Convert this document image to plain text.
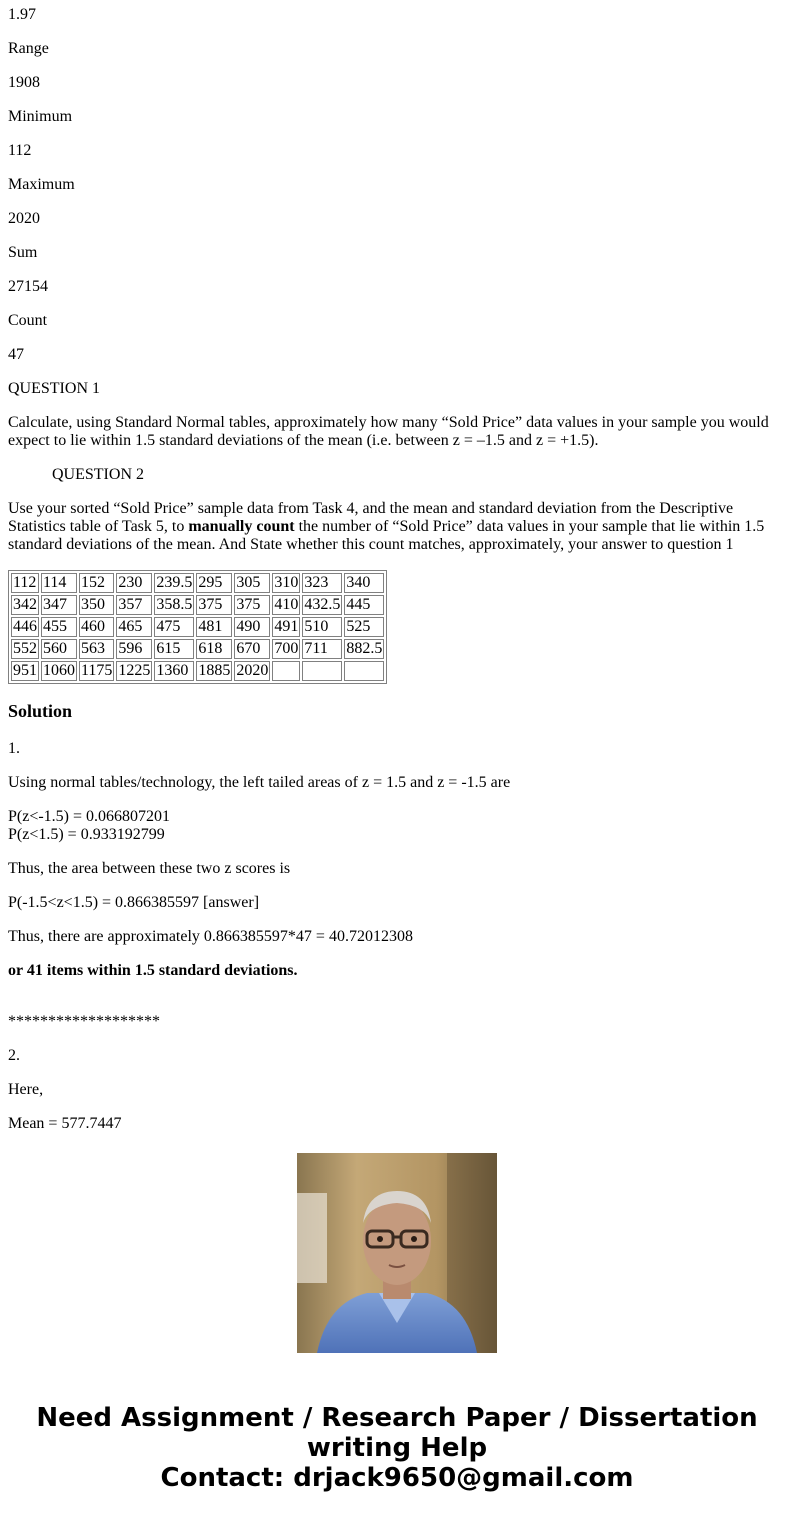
1.97

Range

1908

Minimum

112

Maximum

2020

Sum

27154

Count

47

QUESTION 1

Calculate, using Standard Normal tables, approximately how many “Sold Price” data values in your sample you would expect to lie within 1.5 standard deviations of the mean (i.e. between z = –1.5 and z = +1.5).

QUESTION 2

Use your sorted “Sold Price” sample data from Task 4, and the mean and standard deviation from the Descriptive Statistics table of Task 5, to manually count the number of “Sold Price” data values in your sample that lie within 1.5 standard deviations of the mean. And State whether this count matches, approximately, your answer to question 1

112	114	152	230	239.5	295	305	310	323	340
342	347	350	357	358.5	375	375	410	432.5	445
446	455	460	465	475	481	490	491	510	525
552	560	563	596	615	618	670	700	711	882.5
951	1060	1175	1225	1360	1885	2020			
Solution

1.

Using normal tables/technology, the left tailed areas of z = 1.5 and z = -1.5 are

P(z<-1.5) = 0.066807201

P(z<1.5) = 0.933192799

Thus, the area between these two z scores is

P(-1.5<z<1.5) = 0.866385597 [answer]

Thus, there are approximately 0.866385597*47 = 40.72012308

or 41 items within 1.5 standard deviations.

*******************

2.

Here,

Mean = 577.7447

Need Assignment / Research Paper / Dissertation
writing Help
Contact: drjack9650@gmail.com
